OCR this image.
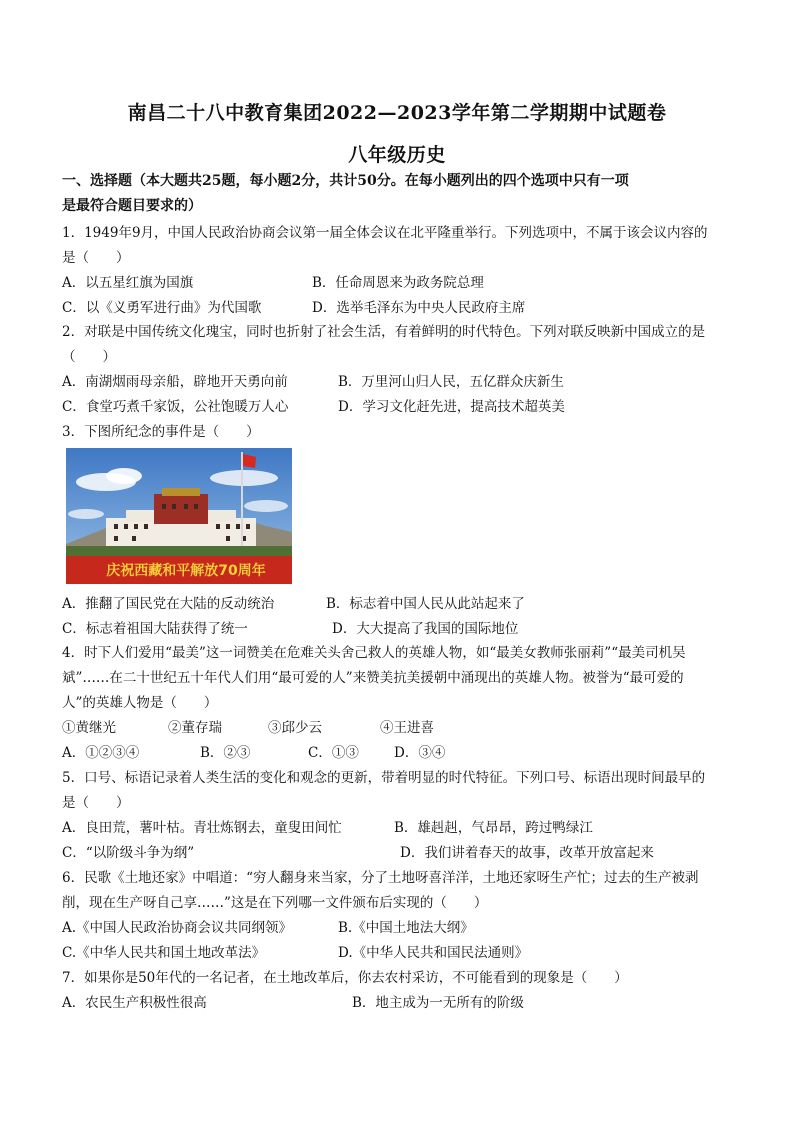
南昌二十八中教育集团2022—2023学年第二学期期中试题卷
八年级历史
一、选择题（本大题共25题，每小题2分，共计50分。在每小题列出的四个选项中只有一项
是最符合题目要求的）
1．1949年9月，中国人民政治协商会议第一届全体会议在北平隆重举行。下列选项中，不属于该会议内容的
是（　　）
A．以五星红旗为国旗	B．任命周恩来为政务院总理
C．以《义勇军进行曲》为代国歌	D．选举毛泽东为中央人民政府主席
2．对联是中国传统文化瑰宝，同时也折射了社会生活，有着鲜明的时代特色。下列对联反映新中国成立的是
（　　）
A．南湖烟雨母亲船，辟地开天勇向前	B．万里河山归人民，五亿群众庆新生
C．食堂巧煮千家饭，公社饱暖万人心	D．学习文化赶先进，提高技术超英美
3．下图所纪念的事件是（　　）
庆祝西藏和平解放70周年
A．推翻了国民党在大陆的反动统治	B．标志着中国人民从此站起来了
C．标志着祖国大陆获得了统一	D．大大提高了我国的国际地位
4．时下人们爱用“最美”这一词赞美在危难关头舍己救人的英雄人物，如“最美女教师张丽莉”“最美司机吴
斌”……在二十世纪五十年代人们用“最可爱的人”来赞美抗美援朝中涌现出的英雄人物。被誉为“最可爱的
人”的英雄人物是（　　）
①黄继光	②董存瑞	③邱少云	④王进喜
A．①②③④	B．②③	C．①③	D．③④
5．口号、标语记录着人类生活的变化和观念的更新，带着明显的时代特征。下列口号、标语出现时间最早的
是（　　）
A．良田荒，薯叶枯。青壮炼钢去，童叟田间忙	B．雄赳赳，气昂昂，跨过鸭绿江
C．“以阶级斗争为纲”	D．我们讲着春天的故事，改革开放富起来
6．民歌《土地还家》中唱道：“穷人翻身来当家，分了土地呀喜洋洋，土地还家呀生产忙；过去的生产被剥
削，现在生产呀自己享……”这是在下列哪一文件颁布后实现的（　　）
A.《中国人民政治协商会议共同纲领》	B.《中国土地法大纲》
C.《中华人民共和国土地改革法》	D.《中华人民共和国民法通则》
7．如果你是50年代的一名记者，在土地改革后，你去农村采访，不可能看到的现象是（　　）
A．农民生产积极性很高	B．地主成为一无所有的阶级
